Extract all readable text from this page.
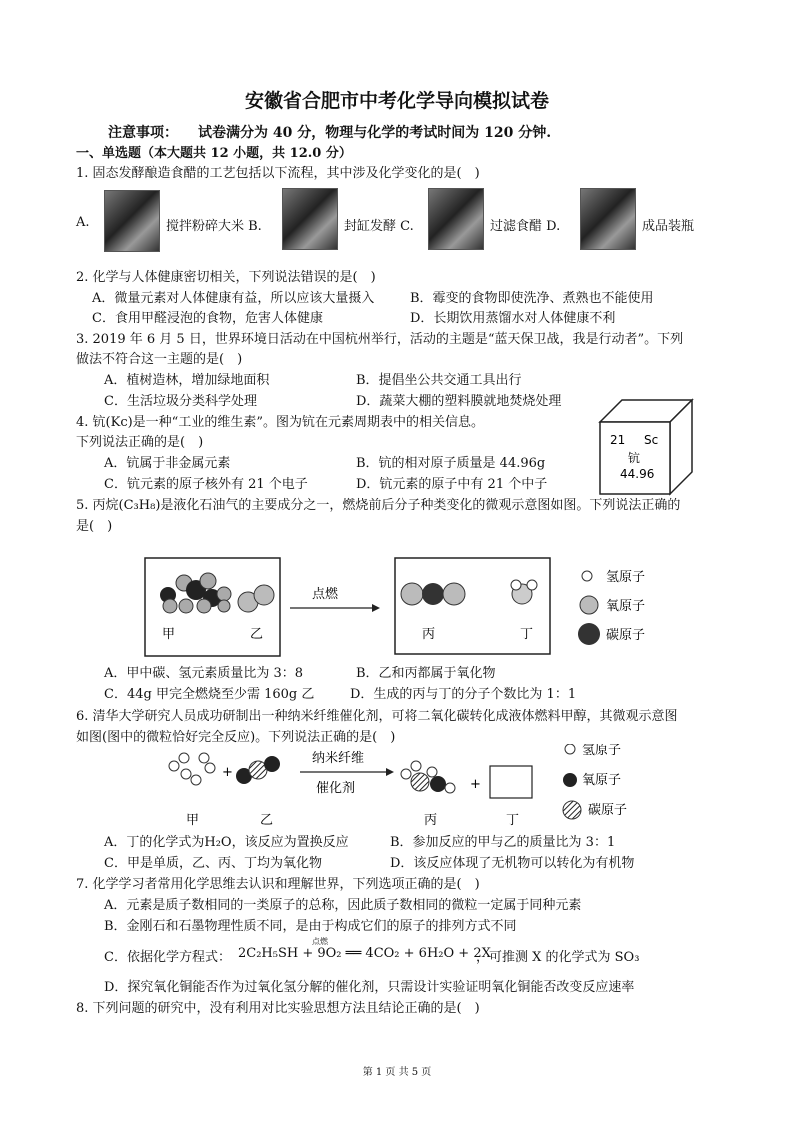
安徽省合肥市中考化学导向模拟试卷
注意事项： 试卷满分为 40 分，物理与化学的考试时间为 120 分钟.
一、单选题（本大题共 12 小题，共 12.0 分）
1. 固态发酵酿造食醋的工艺包括以下流程，其中涉及化学变化的是(　)
A.	搅拌粉碎大米 B.	封缸发酵 C.	过滤食醋 D.	成品装瓶
2. 化学与人体健康密切相关，下列说法错误的是(　)
A．微量元素对人体健康有益，所以应该大量摄入	B．霉变的食物即使洗净、煮熟也不能使用
C．食用甲醛浸泡的食物，危害人体健康	D．长期饮用蒸馏水对人体健康不利
3. 2019 年 6 月 5 日，世界环境日活动在中国杭州举行，活动的主题是“蓝天保卫战，我是行动者”。下列
做法不符合这一主题的是(　)
A．植树造林，增加绿地面积	B．提倡坐公共交通工具出行
C．生活垃圾分类科学处理	D．蔬菜大棚的塑料膜就地焚烧处理
4. 钪(Kc)是一种“工业的维生素”。图为钪在元素周期表中的相关信息。
下列说法正确的是(　)
A．钪属于非金属元素	B．钪的相对原子质量是 44.96g
C．钪元素的原子核外有 21 个电子	D．钪元素的原子中有 21 个中子
21 Sc
钪
44.96
5. 丙烷(C₃H₈)是液化石油气的主要成分之一，燃烧前后分子种类变化的微观示意图如图。下列说法正确的
是(　)
甲	乙
点燃
丙	丁
氢原子
氧原子
碳原子
A．甲中碳、氢元素质量比为 3：8	B．乙和丙都属于氧化物
C．44g 甲完全燃烧至少需 160g 乙	D．生成的丙与丁的分子个数比为 1：1
6. 清华大学研究人员成功研制出一种纳米纤维催化剂，可将二氧化碳转化成液体燃料甲醇，其微观示意图
如图(图中的微粒恰好完全反应)。下列说法正确的是(　)
+
甲	乙
纳米纤维
催化剂	+
丙	丁
氢原子
氧原子
碳原子
A．丁的化学式为H₂O，该反应为置换反应	B．参加反应的甲与乙的质量比为 3：1
C．甲是单质，乙、丙、丁均为氧化物	D．该反应体现了无机物可以转化为有机物
7. 化学学习者常用化学思维去认识和理解世界，下列选项正确的是(　)
A．元素是质子数相同的一类原子的总称，因此质子数相同的微粒一定属于同种元素
B．金刚石和石墨物理性质不同，是由于构成它们的原子的排列方式不同
C．依据化学方程式：
点燃
2C₂H₅SH + 9O₂ ══ 4CO₂ + 6H₂O + 2X
，可推测 X 的化学式为 SO₃
D．探究氧化铜能否作为过氧化氢分解的催化剂，只需设计实验证明氧化铜能否改变反应速率
8. 下列问题的研究中，没有利用对比实验思想方法且结论正确的是(　)
第 1 页 共 5 页
